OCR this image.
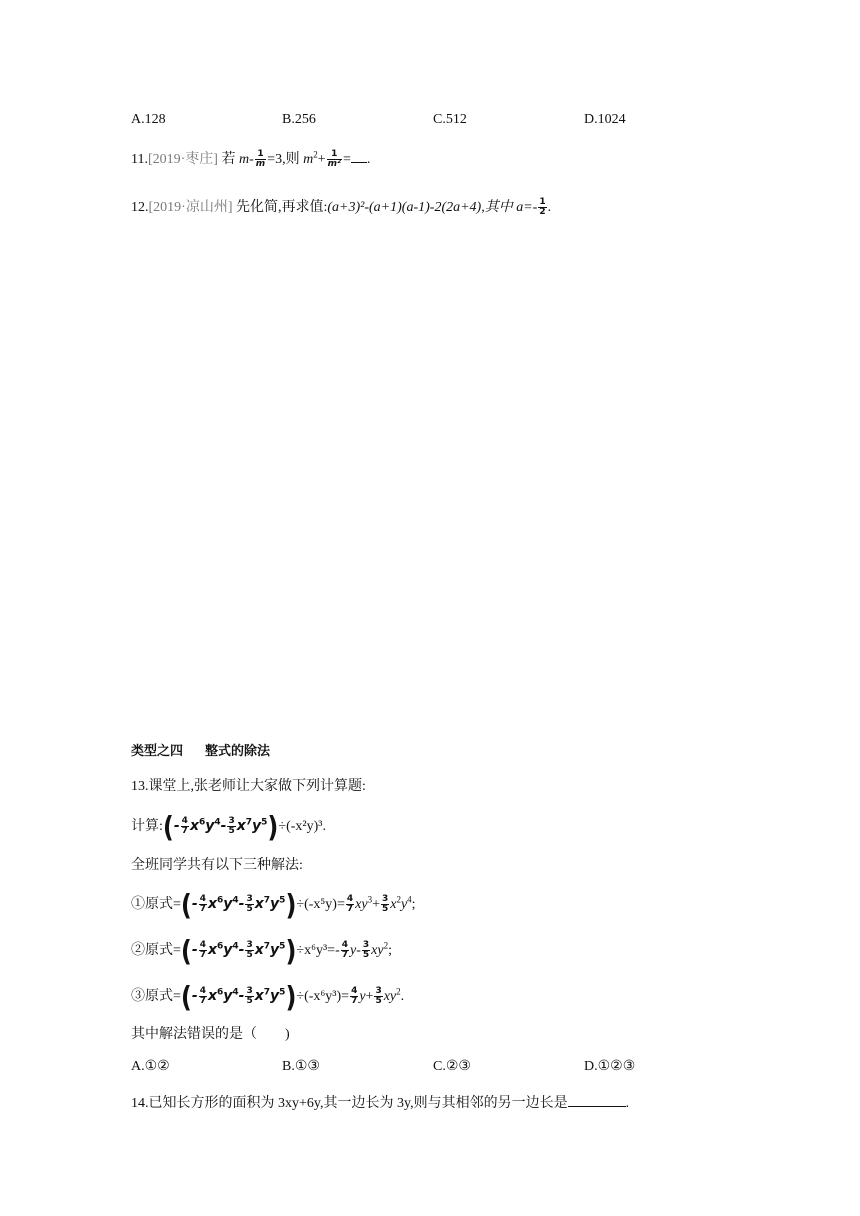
A.128	B.256	C.512	D.1024
11.[2019·枣庄] 若 $m- \frac{1}{m} =3$,则 $m^2+ \frac{1}{\text{m²}}$ = .
12.[2019·凉山州] 先化简,再求值:(a+3)²-(a+1)(a-1)-2(2a+4),其中 $a=- \frac{1}{2}$ .
类型之四 整式的除法
13.课堂上,张老师让大家做下列计算题:
计算:(- $\frac{4}{7} x^6y^4- \frac{3}{5} x^7y^5)\div(-x^2y)^3$.
全班同学共有以下三种解法:
①原式=(- $\frac{4}{7} x^6y^4- \frac{3}{5} x^7y^5)\div(-x^5y)= \frac{4}{7} xy^3+ \frac{3}{5} x^2y^4$;
②原式=(- $\frac{4}{7} x^6y^4- \frac{3}{5} x^7y^5)\div x^6y^3=- \frac{4}{7} y- \frac{3}{5} xy^2$;
③原式=(- $\frac{4}{7} x^6y^4- \frac{3}{5} x^7y^5)\div(-x^6y^3)= \frac{4}{7} y+ \frac{3}{5} xy^2$.
其中解法错误的是（　　)
A.①②	B.①③	C.②③	D.①②③
14.已知长方形的面积为 3xy+6y,其一边长为 3y,则与其相邻的另一边长是	.
